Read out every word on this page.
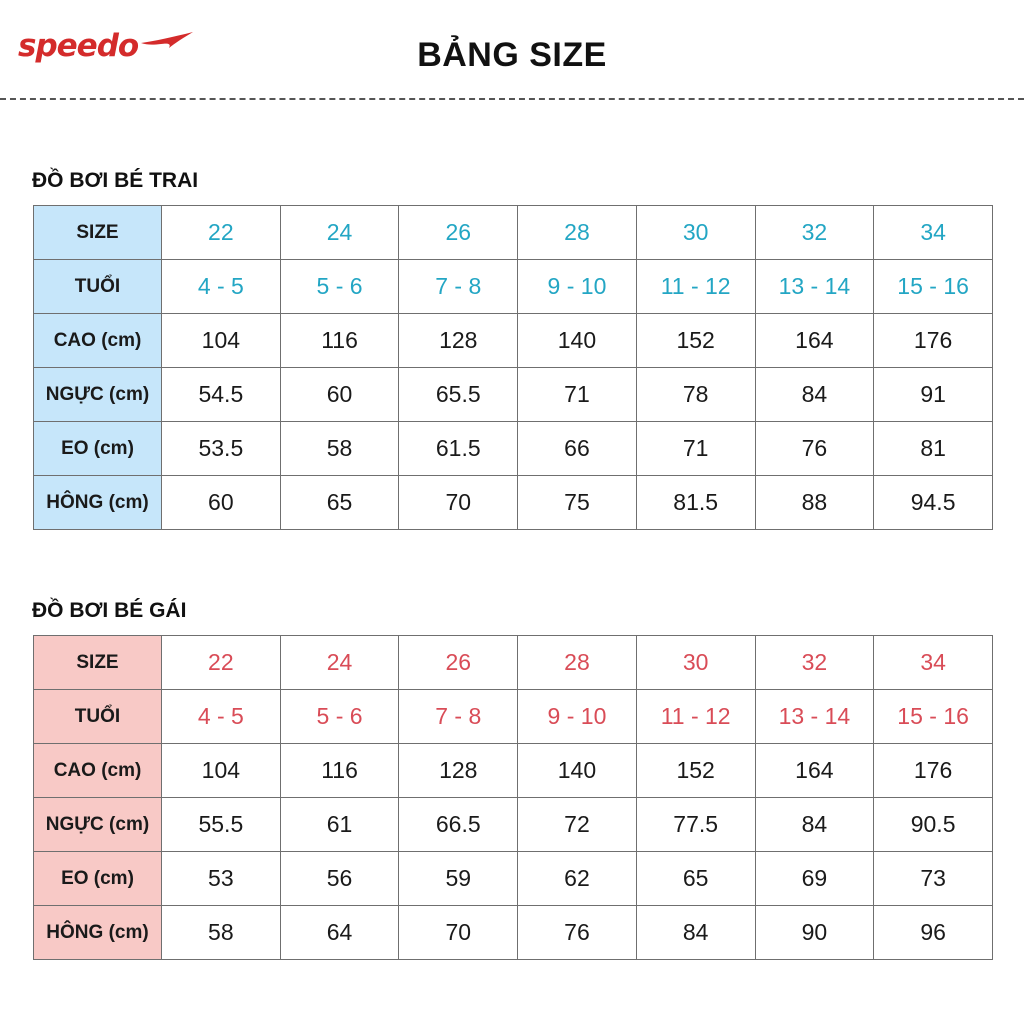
speedo	BẢNG SIZE
ĐỒ BƠI BÉ TRAI
SIZE	22	24	26	28	30	32	34
TUỔI	4 - 5	5 - 6	7 - 8	9 - 10	11 - 12	13 - 14	15 - 16
CAO (cm)	104	116	128	140	152	164	176
NGỰC (cm)	54.5	60	65.5	71	78	84	91
EO (cm)	53.5	58	61.5	66	71	76	81
HÔNG (cm)	60	65	70	75	81.5	88	94.5
ĐỒ BƠI BÉ GÁI
SIZE	22	24	26	28	30	32	34
TUỔI	4 - 5	5 - 6	7 - 8	9 - 10	11 - 12	13 - 14	15 - 16
CAO (cm)	104	116	128	140	152	164	176
NGỰC (cm)	55.5	61	66.5	72	77.5	84	90.5
EO (cm)	53	56	59	62	65	69	73
HÔNG (cm)	58	64	70	76	84	90	96
